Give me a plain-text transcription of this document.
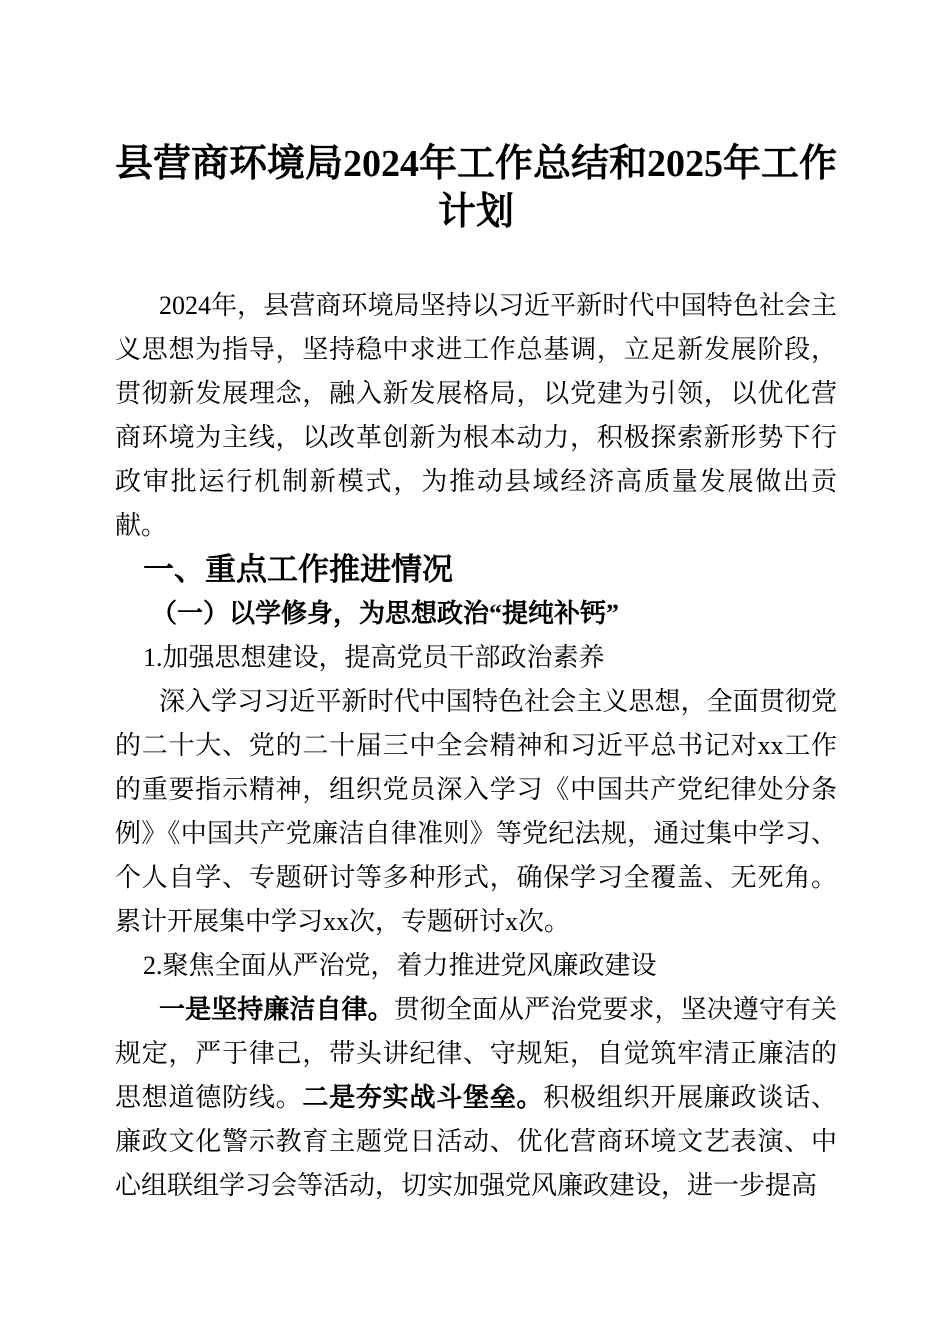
县营商环境局2024年工作总结和2025年工作计划

2024年，县营商环境局坚持以习近平新时代中国特色社会主义思想为指导，坚持稳中求进工作总基调，立足新发展阶段，贯彻新发展理念，融入新发展格局，以党建为引领，以优化营商环境为主线，以改革创新为根本动力，积极探索新形势下行政审批运行机制新模式，为推动县域经济高质量发展做出贡献。

一、重点工作推进情况
（一）以学修身，为思想政治“提纯补钙”
1.加强思想建设，提高党员干部政治素养

深入学习习近平新时代中国特色社会主义思想，全面贯彻党的二十大、党的二十届三中全会精神和习近平总书记对xx工作的重要指示精神，组织党员深入学习《中国共产党纪律处分条例》《中国共产党廉洁自律准则》等党纪法规，通过集中学习、个人自学、专题研讨等多种形式，确保学习全覆盖、无死角。累计开展集中学习xx次，专题研讨x次。

2.聚焦全面从严治党，着力推进党风廉政建设

一是坚持廉洁自律。贯彻全面从严治党要求，坚决遵守有关规定，严于律己，带头讲纪律、守规矩，自觉筑牢清正廉洁的思想道德防线。二是夯实战斗堡垒。积极组织开展廉政谈话、廉政文化警示教育主题党日活动、优化营商环境文艺表演、中心组联组学习会等活动，切实加强党风廉政建设，进一步提高
